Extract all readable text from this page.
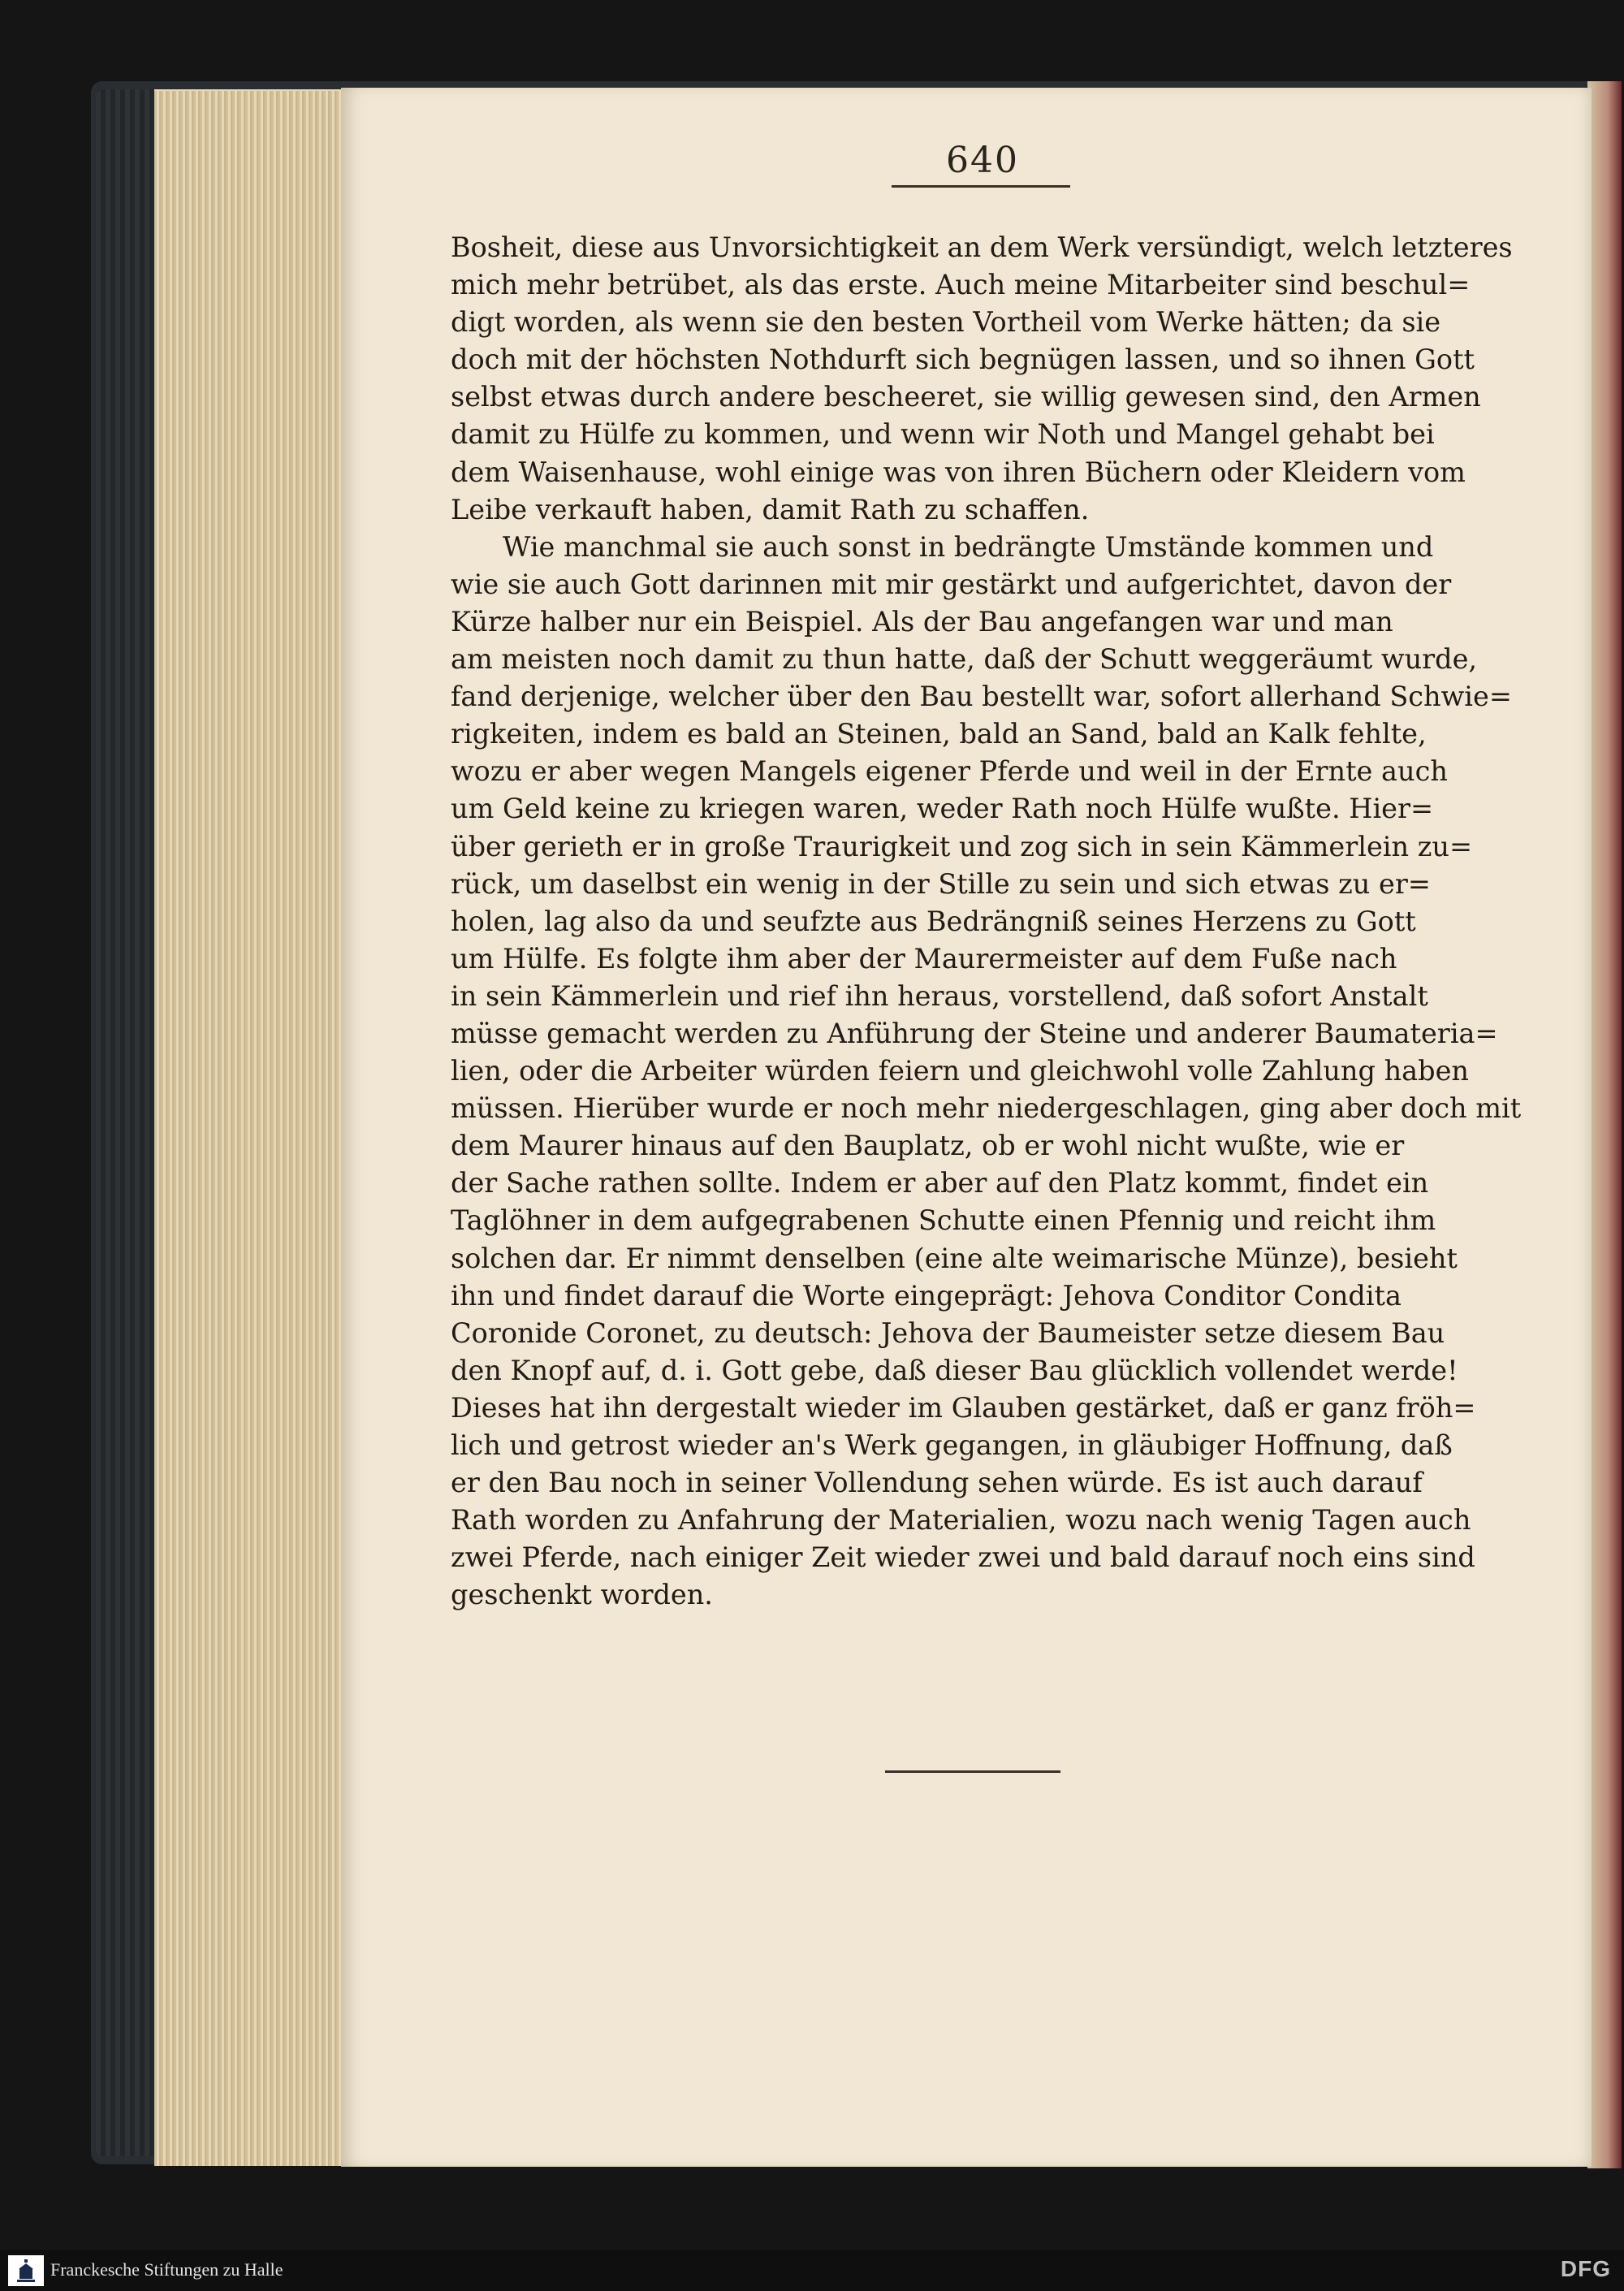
640
Bosheit, diese aus Unvorsichtigkeit an dem Werk versündigt, welch letzteres
mich mehr betrübet, als das erste. Auch meine Mitarbeiter sind beschul=
digt worden, als wenn sie den besten Vortheil vom Werke hätten; da sie
doch mit der höchsten Nothdurft sich begnügen lassen, und so ihnen Gott
selbst etwas durch andere bescheeret, sie willig gewesen sind, den Armen
damit zu Hülfe zu kommen, und wenn wir Noth und Mangel gehabt bei
dem Waisenhause, wohl einige was von ihren Büchern oder Kleidern vom
Leibe verkauft haben, damit Rath zu schaffen.
Wie manchmal sie auch sonst in bedrängte Umstände kommen und
wie sie auch Gott darinnen mit mir gestärkt und aufgerichtet, davon der
Kürze halber nur ein Beispiel. Als der Bau angefangen war und man
am meisten noch damit zu thun hatte, daß der Schutt weggeräumt wurde,
fand derjenige, welcher über den Bau bestellt war, sofort allerhand Schwie=
rigkeiten, indem es bald an Steinen, bald an Sand, bald an Kalk fehlte,
wozu er aber wegen Mangels eigener Pferde und weil in der Ernte auch
um Geld keine zu kriegen waren, weder Rath noch Hülfe wußte. Hier=
über gerieth er in große Traurigkeit und zog sich in sein Kämmerlein zu=
rück, um daselbst ein wenig in der Stille zu sein und sich etwas zu er=
holen, lag also da und seufzte aus Bedrängniß seines Herzens zu Gott
um Hülfe. Es folgte ihm aber der Maurermeister auf dem Fuße nach
in sein Kämmerlein und rief ihn heraus, vorstellend, daß sofort Anstalt
müsse gemacht werden zu Anführung der Steine und anderer Baumateria=
lien, oder die Arbeiter würden feiern und gleichwohl volle Zahlung haben
müssen. Hierüber wurde er noch mehr niedergeschlagen, ging aber doch mit
dem Maurer hinaus auf den Bauplatz, ob er wohl nicht wußte, wie er
der Sache rathen sollte. Indem er aber auf den Platz kommt, findet ein
Taglöhner in dem aufgegrabenen Schutte einen Pfennig und reicht ihm
solchen dar. Er nimmt denselben (eine alte weimarische Münze), besieht
ihn und findet darauf die Worte eingeprägt: Jehova Conditor Condita
Coronide Coronet, zu deutsch: Jehova der Baumeister setze diesem Bau
den Knopf auf, d. i. Gott gebe, daß dieser Bau glücklich vollendet werde!
Dieses hat ihn dergestalt wieder im Glauben gestärket, daß er ganz fröh=
lich und getrost wieder an's Werk gegangen, in gläubiger Hoffnung, daß
er den Bau noch in seiner Vollendung sehen würde. Es ist auch darauf
Rath worden zu Anfahrung der Materialien, wozu nach wenig Tagen auch
zwei Pferde, nach einiger Zeit wieder zwei und bald darauf noch eins sind
geschenkt worden.
Franckesche Stiftungen zu Halle	DFG
